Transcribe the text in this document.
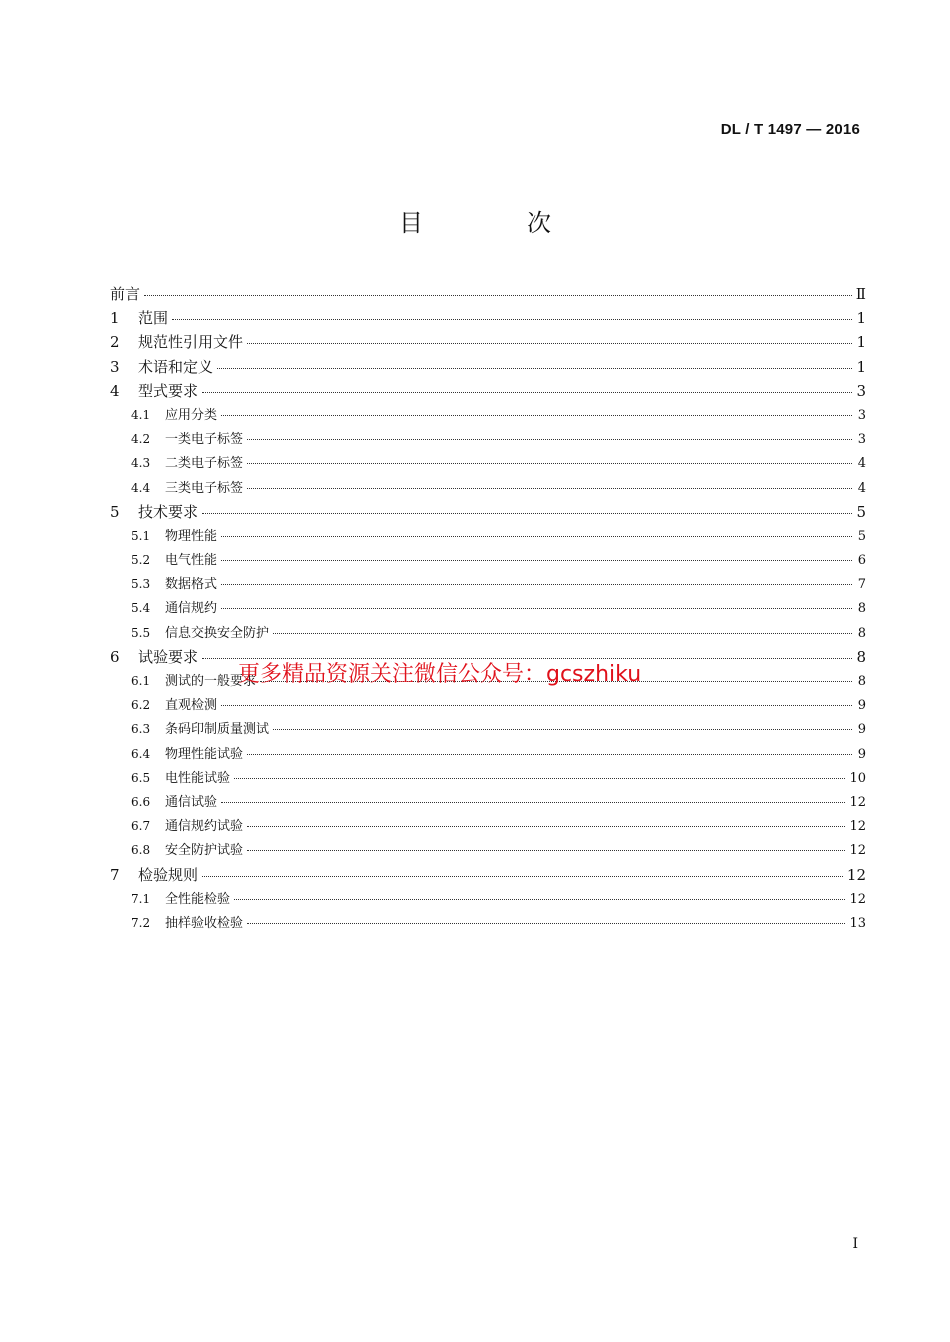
DL / T 1497 — 2016
目　次
前言	Ⅱ
1	范围	1
2	规范性引用文件	1
3	术语和定义	1
4	型式要求	3
4.1	应用分类	3
4.2	一类电子标签	3
4.3	二类电子标签	4
4.4	三类电子标签	4
5	技术要求	5
5.1	物理性能	5
5.2	电气性能	6
5.3	数据格式	7
5.4	通信规约	8
5.5	信息交换安全防护	8
6	试验要求	8
6.1	测试的一般要求	8
6.2	直观检测	9
6.3	条码印制质量测试	9
6.4	物理性能试验	9
6.5	电性能试验	10
6.6	通信试验	12
6.7	通信规约试验	12
6.8	安全防护试验	12
7	检验规则	12
7.1	全性能检验	12
7.2	抽样验收检验	13
更多精品资源关注微信公众号：gcszhiku
I
